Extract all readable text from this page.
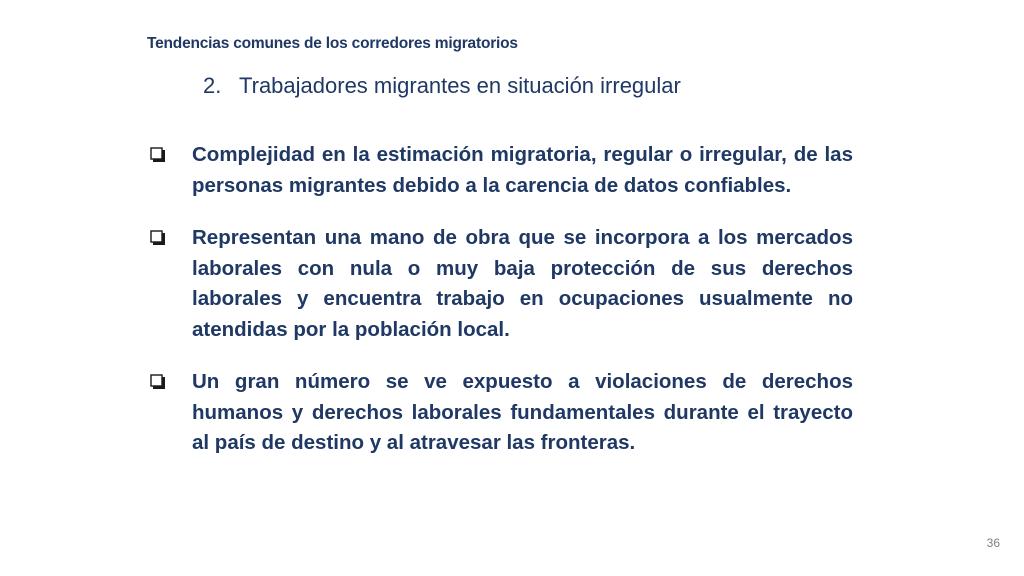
Tendencias comunes de los corredores migratorios
2. Trabajadores migrantes en situación irregular
Complejidad en la estimación migratoria, regular o irregular, de las personas migrantes debido a la carencia de datos confiables.
Representan una mano de obra que se incorpora a los mercados laborales con nula o muy baja protección de sus derechos laborales y encuentra trabajo en ocupaciones usualmente no atendidas por la población local.
Un gran número se ve expuesto a violaciones de derechos humanos y derechos laborales fundamentales durante el trayecto al país de destino y al atravesar las fronteras.
36
